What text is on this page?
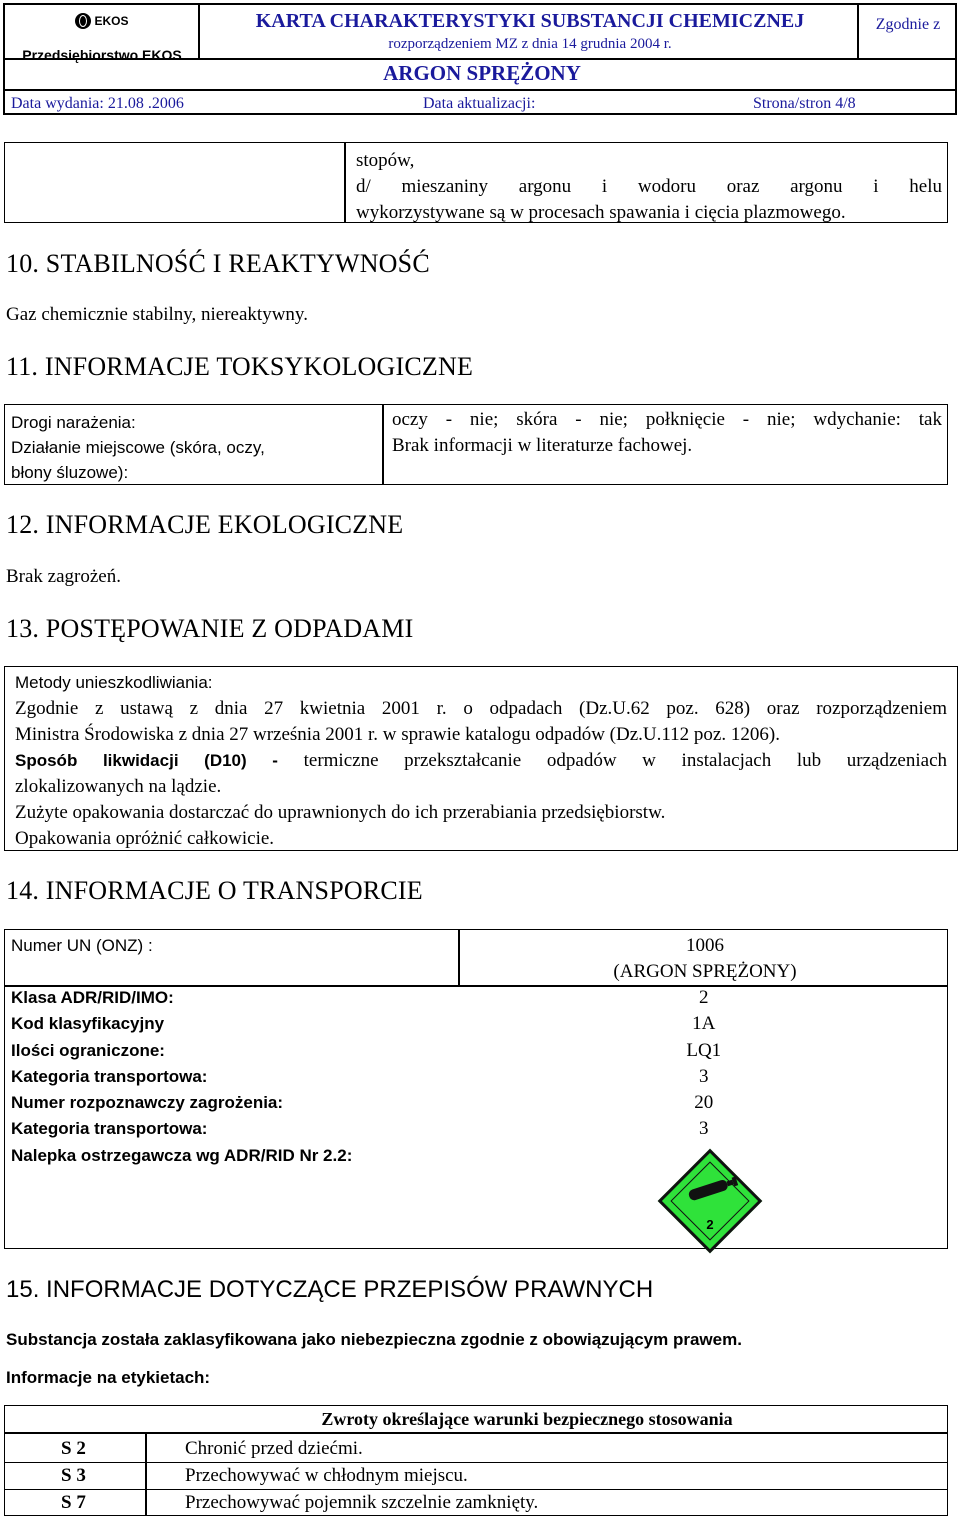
EKOS
Przedsiębiorstwo EKOS
KARTA CHARAKTERYSTYKI SUBSTANCJI CHEMICZNEJ
rozporządzeniem MZ z dnia 14 grudnia 2004 r.
Zgodnie z
ARGON SPRĘŻONY
Data wydania: 21.08 .2006	Data aktualizacji:	Strona/stron 4/8
stopów,
d/ mieszaniny argonu i wodoru oraz argonu i helu
wykorzystywane są w procesach spawania i cięcia plazmowego.
10. STABILNOŚĆ I REAKTYWNOŚĆ
Gaz chemicznie stabilny, niereaktywny.
11. INFORMACJE TOKSYKOLOGICZNE
Drogi narażenia:
Działanie miejscowe (skóra, oczy,
błony śluzowe):
oczy - nie; skóra - nie; połknięcie - nie; wdychanie: tak
Brak informacji w literaturze fachowej.
12. INFORMACJE EKOLOGICZNE
Brak zagrożeń.
13. POSTĘPOWANIE Z ODPADAMI
Metody unieszkodliwiania:
Zgodnie z ustawą z dnia 27 kwietnia 2001 r. o odpadach (Dz.U.62 poz. 628) oraz rozporządzeniem
Ministra Środowiska z dnia 27 września 2001 r. w sprawie katalogu odpadów (Dz.U.112 poz. 1206).
Sposób likwidacji (D10) - termiczne przekształcanie odpadów w instalacjach lub urządzeniach
zlokalizowanych na lądzie.
Zużyte opakowania dostarczać do uprawnionych do ich przerabiania przedsiębiorstw.
Opakowania opróżnić całkowicie.
14. INFORMACJE O TRANSPORCIE
Numer UN (ONZ) :	1006
(ARGON SPRĘŻONY)
Klasa ADR/RID/IMO:	2
Kod klasyfikacyjny	1A
Ilości ograniczone:	LQ1
Kategoria transportowa:	3
Numer rozpoznawczy zagrożenia:	20
Kategoria transportowa:	3
Nalepka ostrzegawcza wg ADR/RID Nr 2.2:
2
15. INFORMACJE DOTYCZĄCE PRZEPISÓW PRAWNYCH
Substancja została zaklasyfikowana jako niebezpieczna zgodnie z obowiązującym prawem.
Informacje na etykietach:
Zwroty określające warunki bezpiecznego stosowania
S 2	Chronić przed dziećmi.
S 3	Przechowywać w chłodnym miejscu.
S 7	Przechowywać pojemnik szczelnie zamknięty.
